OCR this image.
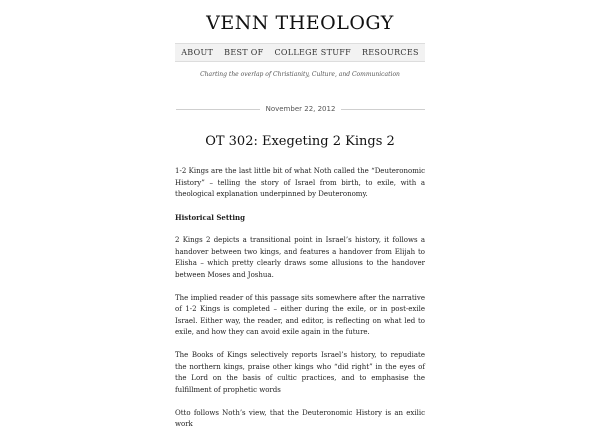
VENN THEOLOGY
ABOUT BEST OF COLLEGE STUFF RESOURCES
Charting the overlap of Christianity, Culture, and Communication
November 22, 2012
OT 302: Exegeting 2 Kings 2

1-2 Kings are the last little bit of what Noth called the “Deuteronomic History” – telling the story of Israel from birth, to exile, with a theological explanation underpinned by Deuteronomy.

Historical Setting

2 Kings 2 depicts a transitional point in Israel’s history, it follows a handover between two kings, and features a handover from Elijah to Elisha – which pretty clearly draws some allusions to the handover between Moses and Joshua.

The implied reader of this passage sits somewhere after the narrative of 1-2 Kings is completed – either during the exile, or in post-exile Israel. Either way, the reader, and editor, is reflecting on what led to exile, and how they can avoid exile again in the future.

The Books of Kings selectively reports Israel’s history, to repudiate the northern kings, praise other kings who “did right” in the eyes of the Lord on the basis of cultic practices, and to emphasise the fulfillment of prophetic words

Otto follows Noth’s view, that the Deuteronomic History is an exilic work
